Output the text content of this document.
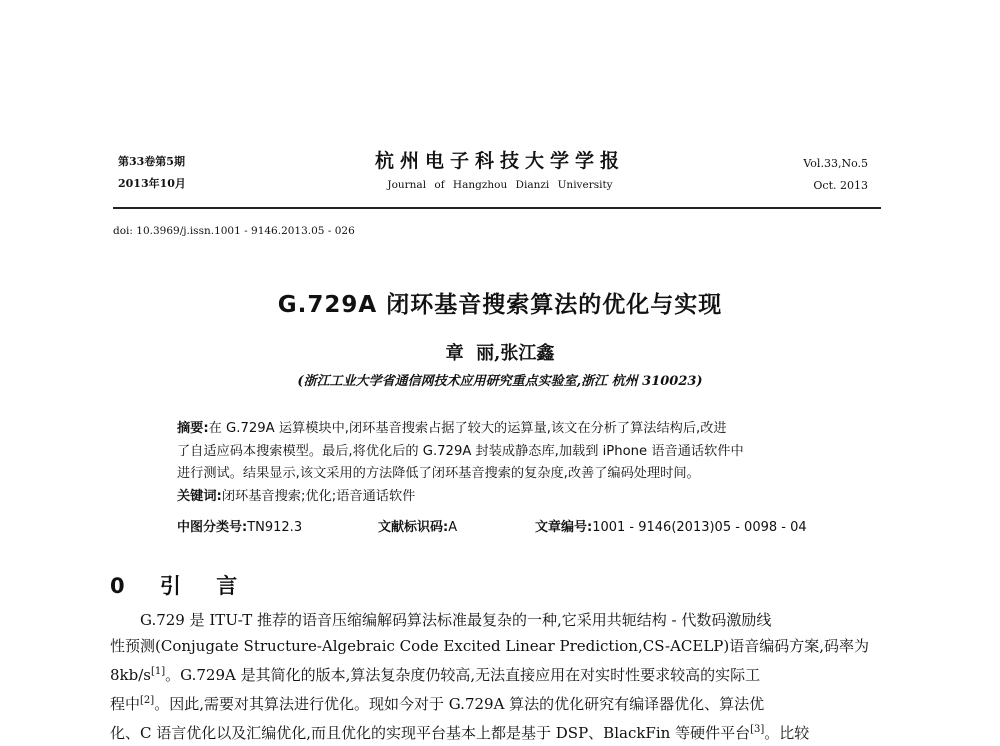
第33卷第5期
2013年10月
杭州电子科技大学学报
Journal of Hangzhou Dianzi University
Vol.33,No.5
Oct. 2013
doi: 10.3969/j.issn.1001 - 9146.2013.05 - 026
G.729A 闭环基音搜索算法的优化与实现
章  丽,张江鑫
(浙江工业大学省通信网技术应用研究重点实验室,浙江 杭州 310023)
摘要:在 G.729A 运算模块中,闭环基音搜索占据了较大的运算量,该文在分析了算法结构后,改进
了自适应码本搜索模型。最后,将优化后的 G.729A 封装成静态库,加载到 iPhone 语音通话软件中
进行测试。结果显示,该文采用的方法降低了闭环基音搜索的复杂度,改善了编码处理时间。
关键词:闭环基音搜索;优化;语音通话软件
中图分类号:TN912.3	文献标识码:A	文章编号:1001 - 9146(2013)05 - 0098 - 04
0 引 言
G.729 是 ITU-T 推荐的语音压缩编解码算法标准最复杂的一种,它采用共轭结构 - 代数码激励线
性预测(Conjugate Structure-Algebraic Code Excited Linear Prediction,CS-ACELP)语音编码方案,码率为
8kb/s[1]。G.729A 是其简化的版本,算法复杂度仍较高,无法直接应用在对实时性要求较高的实际工
程中[2]。因此,需要对其算法进行优化。现如今对于 G.729A 算法的优化研究有编译器优化、算法优
化、C 语言优化以及汇编优化,而且优化的实现平台基本上都是基于 DSP、BlackFin 等硬件平台[3]。比较
